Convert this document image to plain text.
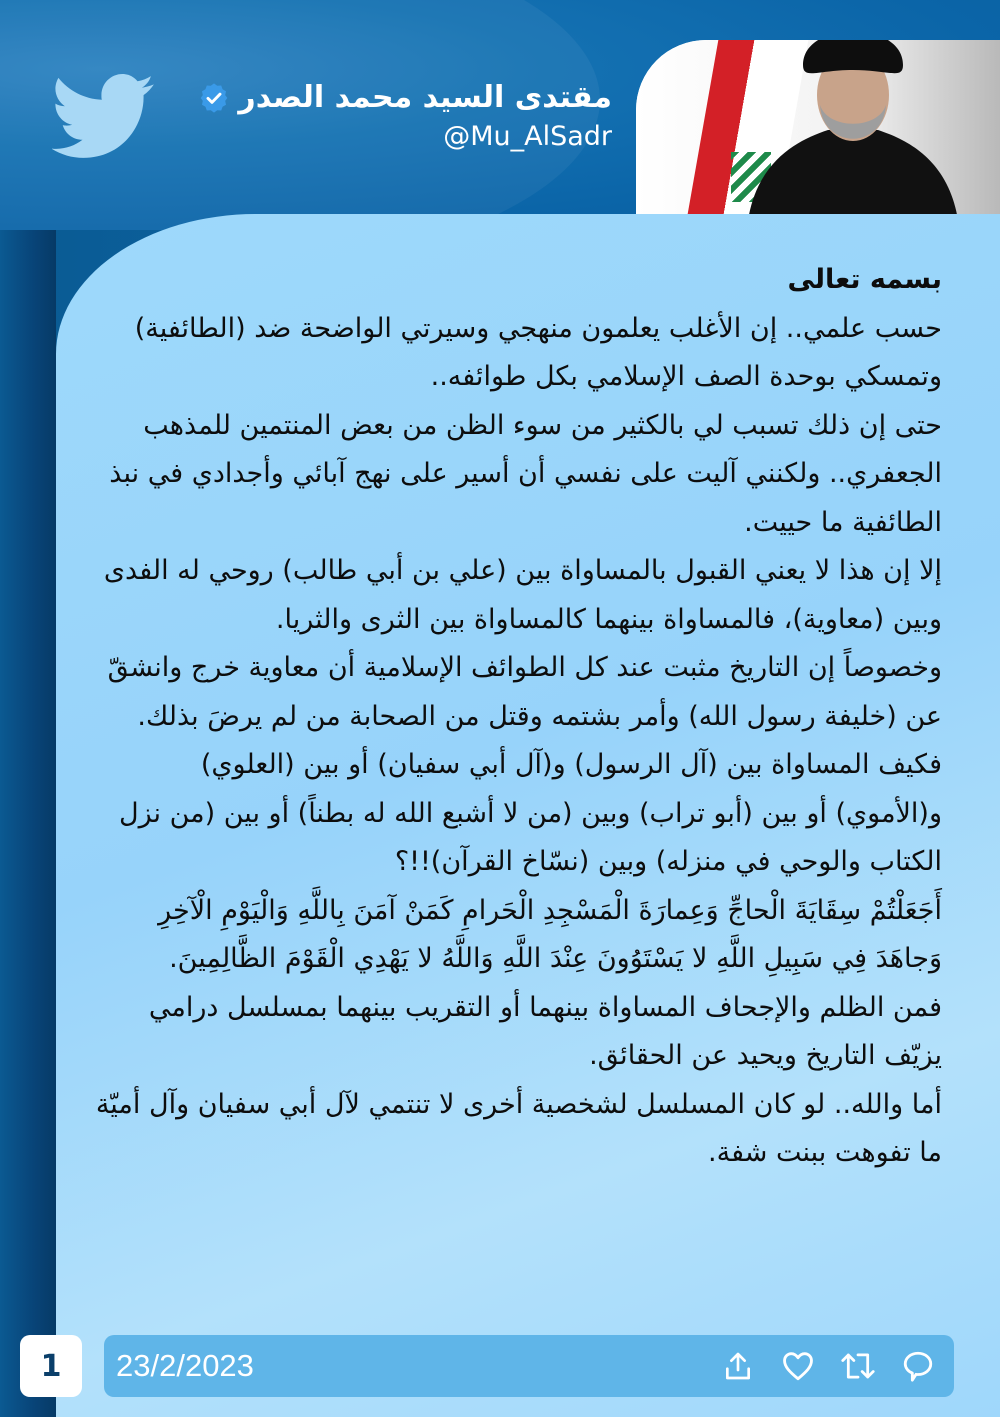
مقتدى السيد محمد الصدر
@Mu_AlSadr

بسمه تعالى

حسب علمي.. إن الأغلب يعلمون منهجي وسيرتي الواضحة ضد (الطائفية) وتمسكي بوحدة الصف الإسلامي بكل طوائفه..

حتى إن ذلك تسبب لي بالكثير من سوء الظن من بعض المنتمين للمذهب الجعفري.. ولكنني آليت على نفسي أن أسير على نهج آبائي وأجدادي في نبذ الطائفية ما حييت.

إلا إن هذا لا يعني القبول بالمساواة بين (علي بن أبي طالب) روحي له الفدى وبين (معاوية)، فالمساواة بينهما كالمساواة بين الثرى والثريا.

وخصوصاً إن التاريخ مثبت عند كل الطوائف الإسلامية أن معاوية خرج وانشقّ عن (خليفة رسول الله) وأمر بشتمه وقتل من الصحابة من لم يرضَ بذلك.

فكيف المساواة بين (آل الرسول) و(آل أبي سفيان) أو بين (العلوي) و(الأموي) أو بين (أبو تراب) وبين (من لا أشبع الله له بطناً) أو بين (من نزل الكتاب والوحي في منزله) وبين (نسّاخ القرآن)!!؟

أَجَعَلْتُمْ سِقَايَةَ الْحاجِّ وَعِمارَةَ الْمَسْجِدِ الْحَرامِ كَمَنْ آمَنَ بِاللَّهِ وَالْيَوْمِ الْآخِرِ وَجاهَدَ فِي سَبِيلِ اللَّهِ لا يَسْتَوُونَ عِنْدَ اللَّهِ وَاللَّهُ لا يَهْدِي الْقَوْمَ الظَّالِمِينَ.

فمن الظلم والإجحاف المساواة بينهما أو التقريب بينهما بمسلسل درامي يزيّف التاريخ ويحيد عن الحقائق.

أما والله.. لو كان المسلسل لشخصية أخرى لا تنتمي لآل أبي سفيان وآل أميّة ما تفوهت ببنت شفة.

1	23/2/2023
